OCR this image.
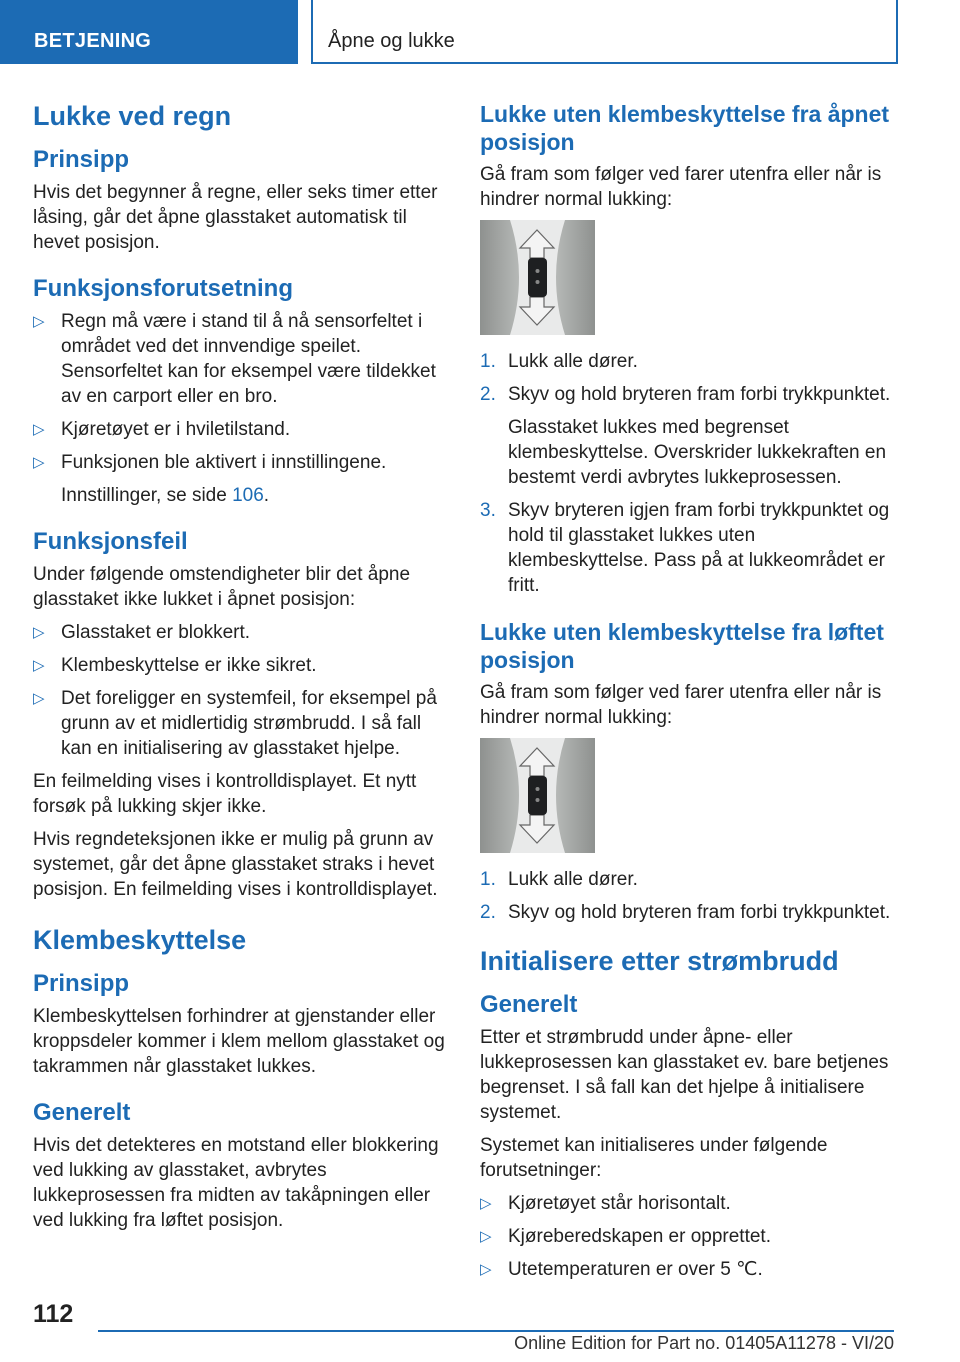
BETJENING	Åpne og lukke
Lukke ved regn
Prinsipp

Hvis det begynner å regne, eller seks timer etter låsing, går det åpne glasstaket automatisk til hevet posisjon.

Funksjonsforutsetning
▷ Regn må være i stand til å nå sensorfeltet i området ved det innvendige speilet. Sensorfeltet kan for eksempel være tildekket av en carport eller en bro.
▷ Kjøretøyet er i hviletilstand.
▷ Funksjonen ble aktivert i innstillingene.

Innstillinger, se side 106.

Funksjonsfeil

Under følgende omstendigheter blir det åpne glasstaket ikke lukket i åpnet posisjon:

▷ Glasstaket er blokkert.
▷ Klembeskyttelse er ikke sikret.
▷ Det foreligger en systemfeil, for eksempel på grunn av et midlertidig strømbrudd. I så fall kan en initialisering av glasstaket hjelpe.

En feilmelding vises i kontrolldisplayet. Et nytt forsøk på lukking skjer ikke.

Hvis regndeteksjonen ikke er mulig på grunn av systemet, går det åpne glasstaket straks i hevet posisjon. En feilmelding vises i kontrolldisplayet.

Klembeskyttelse
Prinsipp

Klembeskyttelsen forhindrer at gjenstander eller kroppsdeler kommer i klem mellom glasstaket og takrammen når glasstaket lukkes.

Generelt

Hvis det detekteres en motstand eller blokkering ved lukking av glasstaket, avbrytes lukkeprosessen fra midten av takåpningen eller ved lukking fra løftet posisjon.

Lukke uten klembeskyttelse fra åpnet posisjon

Gå fram som følger ved farer utenfra eller når is hindrer normal lukking:

1. Lukk alle dører.
2. Skyv og hold bryteren fram forbi trykkpunktet.

Glasstaket lukkes med begrenset klembeskyttelse. Overskrider lukkekraften en bestemt verdi avbrytes lukkeprosessen.

3. Skyv bryteren igjen fram forbi trykkpunktet og hold til glasstaket lukkes uten klembeskyttelse. Pass på at lukkeområdet er fritt.
Lukke uten klembeskyttelse fra løftet posisjon

Gå fram som følger ved farer utenfra eller når is hindrer normal lukking:

1. Lukk alle dører.
2. Skyv og hold bryteren fram forbi trykkpunktet.
Initialisere etter strømbrudd
Generelt

Etter et strømbrudd under åpne- eller lukkeprosessen kan glasstaket ev. bare betjenes begrenset. I så fall kan det hjelpe å initialisere systemet.

Systemet kan initialiseres under følgende forutsetninger:

▷ Kjøretøyet står horisontalt.
▷ Kjøreberedskapen er opprettet.
▷ Utetemperaturen er over 5 ℃.
112
Online Edition for Part no. 01405A11278 - VI/20
